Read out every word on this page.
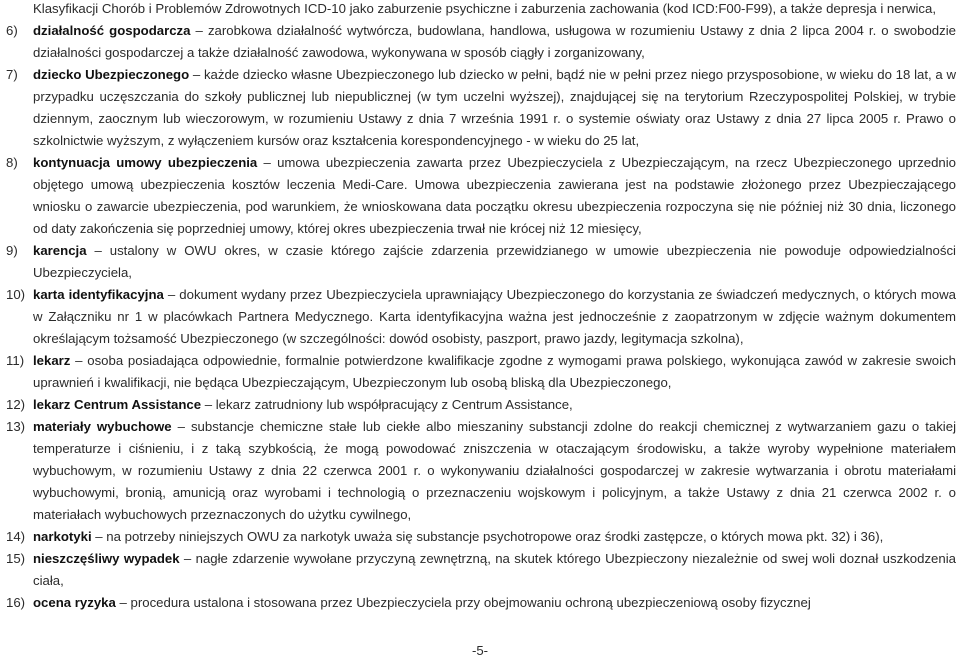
Klasyfikacji Chorób i Problemów Zdrowotnych ICD-10 jako zaburzenie psychiczne i zaburzenia zachowania (kod ICD:F00-F99), a także depresja i nerwica,
6)	działalność gospodarcza – zarobkowa działalność wytwórcza, budowlana, handlowa, usługowa w rozumieniu Ustawy z dnia 2 lipca 2004 r. o swobodzie działalności gospodarczej a także działalność zawodowa, wykonywana w sposób ciągły i zorganizowany,
7)	dziecko Ubezpieczonego – każde dziecko własne Ubezpieczonego lub dziecko w pełni, bądź nie w pełni przez niego przysposobione, w wieku do 18 lat, a w przypadku uczęszczania do szkoły publicznej lub niepublicznej (w tym uczelni wyższej), znajdującej się na terytorium Rzeczypospolitej Polskiej, w trybie dziennym, zaocznym lub wieczorowym, w rozumieniu Ustawy z dnia 7 września 1991 r. o systemie oświaty oraz Ustawy z dnia 27 lipca 2005 r. Prawo o szkolnictwie wyższym, z wyłączeniem kursów oraz kształcenia korespondencyjnego - w wieku do 25 lat,
8)	kontynuacja umowy ubezpieczenia – umowa ubezpieczenia zawarta przez Ubezpieczyciela z Ubezpieczającym, na rzecz Ubezpieczonego uprzednio objętego umową ubezpieczenia kosztów leczenia Medi-Care. Umowa ubezpieczenia zawierana jest na podstawie złożonego przez Ubezpieczającego wniosku o zawarcie ubezpieczenia, pod warunkiem, że wnioskowana data początku okresu ubezpieczenia rozpoczyna się nie później niż 30 dnia, liczonego od daty zakończenia się poprzedniej umowy, której okres ubezpieczenia trwał nie krócej niż 12 miesięcy,
9)	karencja – ustalony w OWU okres, w czasie którego zajście zdarzenia przewidzianego w umowie ubezpieczenia nie powoduje odpowiedzialności Ubezpieczyciela,
10) karta identyfikacyjna – dokument wydany przez Ubezpieczyciela uprawniający Ubezpieczonego do korzystania ze świadczeń medycznych, o których mowa w Załączniku nr 1 w placówkach Partnera Medycznego. Karta identyfikacyjna ważna jest jednocześnie z zaopatrzonym w zdjęcie ważnym dokumentem określającym tożsamość Ubezpieczonego (w szczególności: dowód osobisty, paszport, prawo jazdy, legitymacja szkolna),
11) lekarz – osoba posiadająca odpowiednie, formalnie potwierdzone kwalifikacje zgodne z wymogami prawa polskiego, wykonująca zawód w zakresie swoich uprawnień i kwalifikacji, nie będąca Ubezpieczającym, Ubezpieczonym lub osobą bliską dla Ubezpieczonego,
12) lekarz Centrum Assistance – lekarz zatrudniony lub współpracujący z Centrum Assistance,
13) materiały wybuchowe – substancje chemiczne stałe lub ciekłe albo mieszaniny substancji zdolne do reakcji chemicznej z wytwarzaniem gazu o takiej temperaturze i ciśnieniu, i z taką szybkością, że mogą powodować zniszczenia w otaczającym środowisku, a także wyroby wypełnione materiałem wybuchowym, w rozumieniu Ustawy z dnia 22 czerwca 2001 r. o wykonywaniu działalności gospodarczej w zakresie wytwarzania i obrotu materiałami wybuchowymi, bronią, amunicją oraz wyrobami i technologią o przeznaczeniu wojskowym i policyjnym, a także Ustawy z dnia 21 czerwca 2002 r. o materiałach wybuchowych przeznaczonych do użytku cywilnego,
14) narkotyki – na potrzeby niniejszych OWU za narkotyk uważa się substancje psychotropowe oraz środki zastępcze, o których mowa pkt. 32) i 36),
15) nieszczęśliwy wypadek – nagłe zdarzenie wywołane przyczyną zewnętrzną, na skutek którego Ubezpieczony niezależnie od swej woli doznał uszkodzenia ciała,
16) ocena ryzyka – procedura ustalona i stosowana przez Ubezpieczyciela przy obejmowaniu ochroną ubezpieczeniową osoby fizycznej
-5-
